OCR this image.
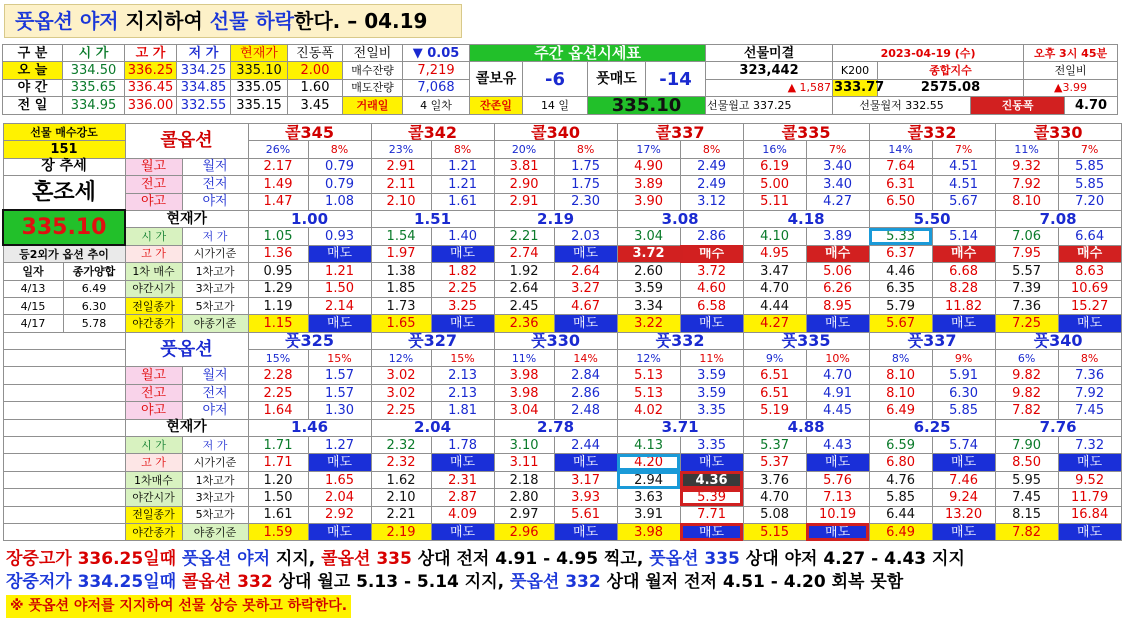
풋옵션 야저 지지하여 선물 하락한다. – 04.19
구 분	시 가	고 가	저 가	현재가	진동폭	전일비	▼ 0.05	주간 옵션시세표				선물미결	2023-04-19 (수)			오후 3시 45분	
오 늘	334.50	336.25	334.25	335.10	2.00	매수잔량	7,219	콜보유	-6	풋매도	-14	323,442	K200	종합지수		전일비	
야 간	335.65	336.45	334.85	335.05	1.60	매도잔량	7,068					▲ 1,587	333.77	2575.08		▲3.99	
전 일	334.95	336.00	332.55	335.15	3.45	거래일	4 일차	잔존일	14 일	335.10		선물월고 337.25	선물월저 332.55		진동폭		4.70
선물 매수강도		콜옵션		콜345		콜342		콜340		콜337		콜335		콜332		콜330	
151				26%	8%	23%	8%	20%	8%	17%	8%	16%	7%	14%	7%	11%	7%
장 추세		월고	월저	2.17	0.79	2.91	1.21	3.81	1.75	4.90	2.49	6.19	3.40	7.64	4.51	9.32	5.85
혼조세		전고	전저	1.49	0.79	2.11	1.21	2.90	1.75	3.89	2.49	5.00	3.40	6.31	4.51	7.92	5.85
		야고	야저	1.47	1.08	2.10	1.61	2.91	2.30	3.90	3.12	5.11	4.27	6.50	5.67	8.10	7.20
335.10		현재가		1.00		1.51		2.19		3.08		4.18		5.50		7.08	
		시 가	저 가	1.05	0.93	1.54	1.40	2.21	2.03	3.04	2.86	4.10	3.89	5.33	5.14	7.06	6.64
등2외가 옵션 추이		고 가	시가기준	1.36	매도	1.97	매도	2.74	매도	3.72	매수	4.95	매수	6.37	매수	7.95	매수
일자	종가양합	1차 매수	1차고가	0.95	1.21	1.38	1.82	1.92	2.64	2.60	3.72	3.47	5.06	4.46	6.68	5.57	8.63
4/13	6.49	야간시가	3차고가	1.29	1.50	1.85	2.25	2.64	3.27	3.59	4.60	4.70	6.26	6.35	8.28	7.39	10.69
4/15	6.30	전일종가	5차고가	1.19	2.14	1.73	3.25	2.45	4.67	3.34	6.58	4.44	8.95	5.79	11.82	7.36	15.27
4/17	5.78	야간종가	야종기준	1.15	매도	1.65	매도	2.36	매도	3.22	매도	4.27	매도	5.67	매도	7.25	매도
		풋옵션		풋325		풋327		풋330		풋332		풋335		풋337		풋340	
				15%	15%	12%	15%	11%	14%	12%	11%	9%	10%	8%	9%	6%	8%
		월고	월저	2.28	1.57	3.02	2.13	3.98	2.84	5.13	3.59	6.51	4.70	8.10	5.91	9.82	7.36
		전고	전저	2.25	1.57	3.02	2.13	3.98	2.86	5.13	3.59	6.51	4.91	8.10	6.30	9.82	7.92
		야고	야저	1.64	1.30	2.25	1.81	3.04	2.48	4.02	3.35	5.19	4.45	6.49	5.85	7.82	7.45
		현재가		1.46		2.04		2.78		3.71		4.88		6.25		7.76	
		시 가	저 가	1.71	1.27	2.32	1.78	3.10	2.44	4.13	3.35	5.37	4.43	6.59	5.74	7.90	7.32
		고 가	시가기준	1.71	매도	2.32	매도	3.11	매도	4.20	매도	5.37	매도	6.80	매도	8.50	매도
		1차매수	1차고가	1.20	1.65	1.62	2.31	2.18	3.17	2.94	4.36	3.76	5.76	4.76	7.46	5.95	9.52
		야간시가	3차고가	1.50	2.04	2.10	2.87	2.80	3.93	3.63	5.39	4.70	7.13	5.85	9.24	7.45	11.79
		전일종가	5차고가	1.61	2.92	2.21	4.09	2.97	5.61	3.91	7.71	5.08	10.19	6.44	13.20	8.15	16.84
		야간종가	야종기준	1.59	매도	2.19	매도	2.96	매도	3.98	매도	5.15	매도	6.49	매도	7.82	매도
장중고가 336.25일때 풋옵션 야저 지지, 콜옵션 335 상대 전저 4.91 - 4.95 찍고, 풋옵션 335 상대 야저 4.27 - 4.43 지지
장중저가 334.25일때 콜옵션 332 상대 월고 5.13 - 5.14 지지, 풋옵션 332 상대 월저 전저 4.51 - 4.20 회복 못함
※ 풋옵션 야저를 지지하여 선물 상승 못하고 하락한다.
